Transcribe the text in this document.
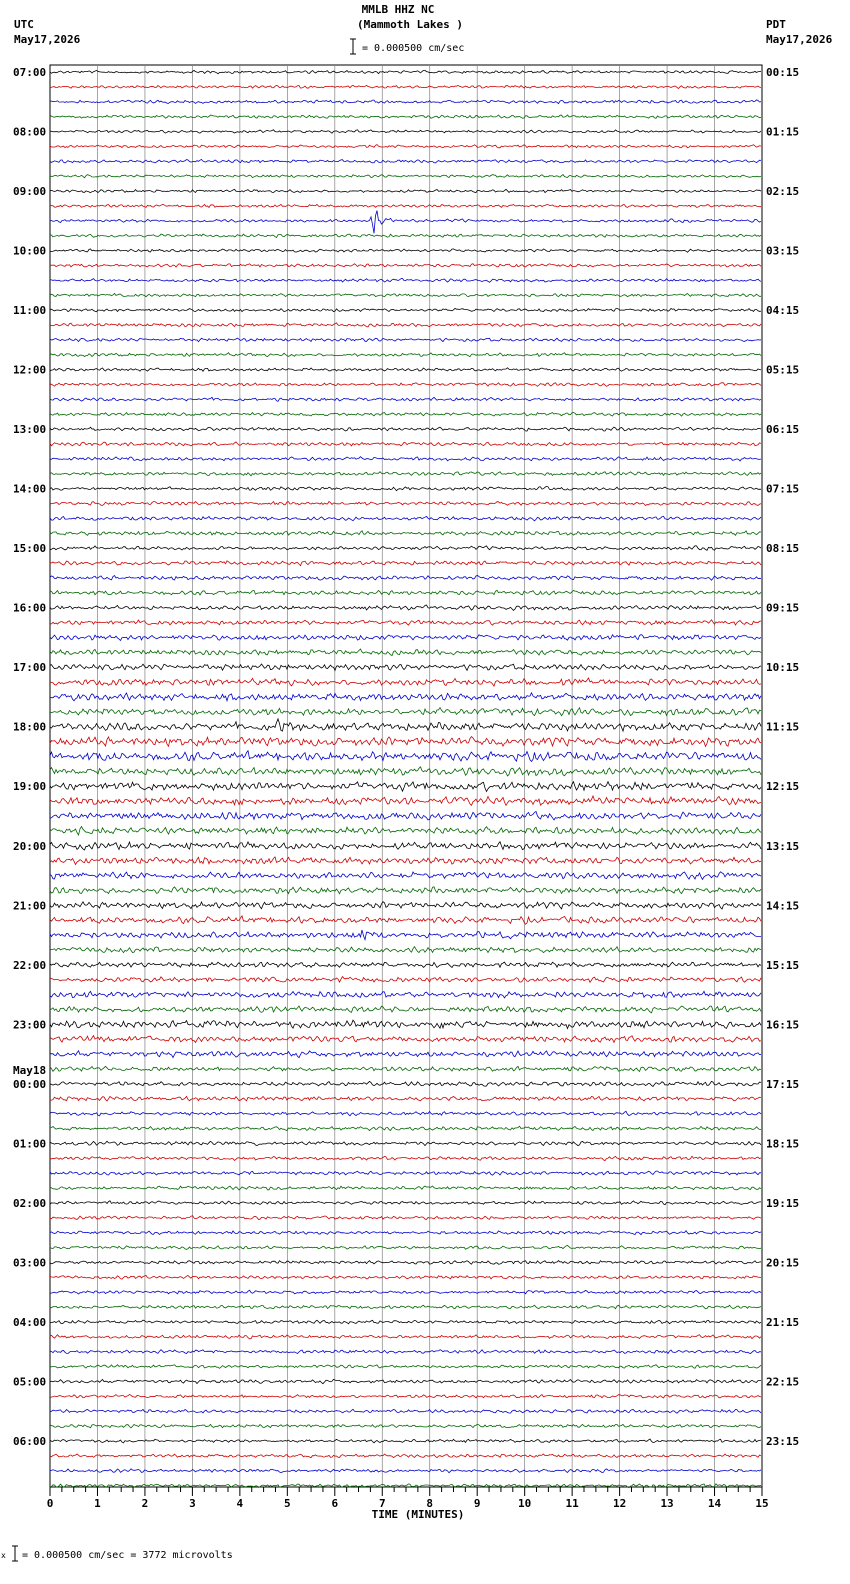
MMLB HHZ NC
(Mammoth Lakes )
= 0.000500 cm/sec
UTC
May17,2026
PDT
May17,2026
TIME (MINUTES)
= 0.000500 cm/sec = 3772 microvolts
x
07:00
08:00
09:00
10:00
11:00
12:00
13:00
14:00
15:00
16:00
17:00
18:00
19:00
20:00
21:00
22:00
23:00
00:00
May18
01:00
02:00
03:00
04:00
05:00
06:00
00:15
01:15
02:15
03:15
04:15
05:15
06:15
07:15
08:15
09:15
10:15
11:15
12:15
13:15
14:15
15:15
16:15
17:15
18:15
19:15
20:15
21:15
22:15
23:15
0	1	2	3	4	5	6	7	8	9	10	11	12	13	14	15
